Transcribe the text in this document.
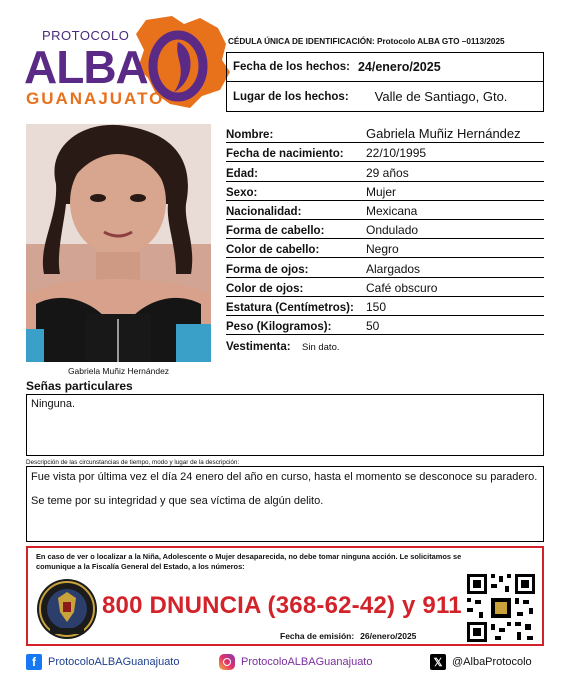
PROTOCOLO
ALBA
GUANAJUATO
CÉDULA ÚNICA DE IDENTIFICACIÓN: Protocolo ALBA GTO –0113/2025
Fecha de los hechos: 24/enero/2025
Lugar de los hechos: Valle de Santiago, Gto.
Gabriela Muñiz Hernández
Nombre:	Gabriela Muñiz Hernández
Fecha de nacimiento:	22/10/1995
Edad:	29 años
Sexo:	Mujer
Nacionalidad:	Mexicana
Forma de cabello:	Ondulado
Color de cabello:	Negro
Forma de ojos:	Alargados
Color de ojos:	Café obscuro
Estatura (Centímetros):	150
Peso (Kilogramos):	50
Vestimenta:	Sin dato.
Señas particulares
Ninguna.
Descripción de las circunstancias de tiempo, modo y lugar de la descripción:

Fue vista por última vez el día 24 enero del año en curso, hasta el momento se desconoce su paradero.

Se teme por su integridad y que sea víctima de algún delito.

En caso de ver o localizar a la Niña, Adolescente o Mujer desaparecida, no debe tomar ninguna acción. Le solicitamos se comunique a la Fiscalía General del Estado, a los números:
800 DNUNCIA (368-62-42) y 911
Fecha de emisión: 26/enero/2025
f	ProtocoloALBAGuanajuato	ProtocoloALBAGuanajuato	𝕏 @AlbaProtocolo
